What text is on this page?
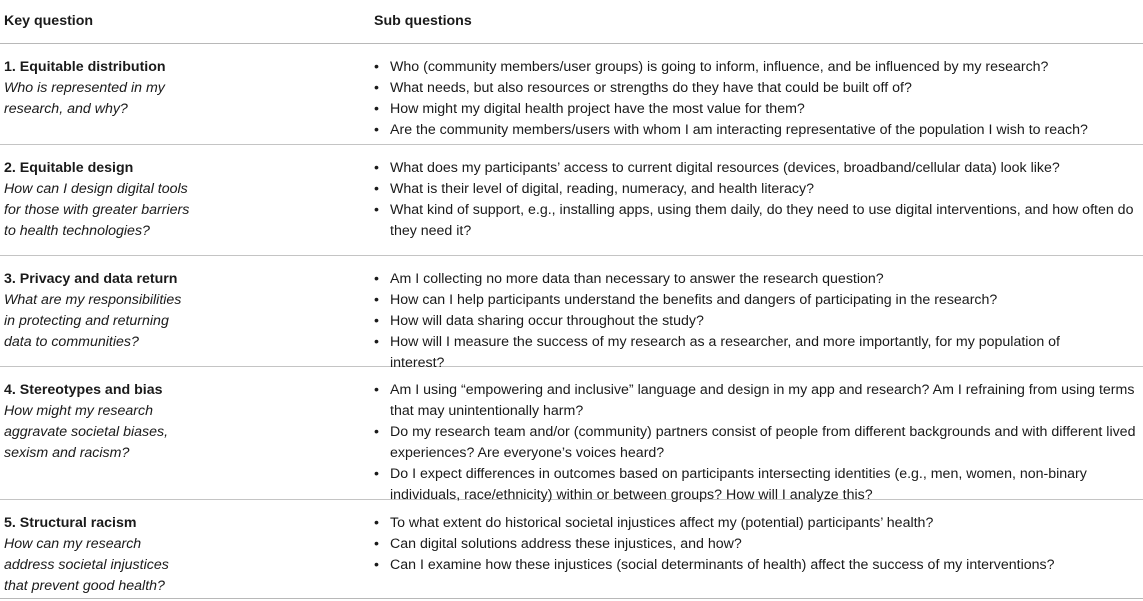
Key question	Sub questions
1. Equitable distribution
Who is represented in my research, and why?
• Who (community members/user groups) is going to inform, influence, and be influenced by my research?
• What needs, but also resources or strengths do they have that could be built off of?
• How might my digital health project have the most value for them?
• Are the community members/users with whom I am interacting representative of the population I wish to reach?
2. Equitable design
How can I design digital tools for those with greater barriers to health technologies?
• What does my participants’ access to current digital resources (devices, broadband/cellular data) look like?
• What is their level of digital, reading, numeracy, and health literacy?
• What kind of support, e.g., installing apps, using them daily, do they need to use digital interventions, and how often do they need it?
3. Privacy and data return
What are my responsibilities in protecting and returning data to communities?
• Am I collecting no more data than necessary to answer the research question?
• How can I help participants understand the benefits and dangers of participating in the research?
• How will data sharing occur throughout the study?
• How will I measure the success of my research as a researcher, and more importantly, for my population of interest?
4. Stereotypes and bias
How might my research aggravate societal biases, sexism and racism?
• Am I using “empowering and inclusive” language and design in my app and research? Am I refraining from using terms that may unintentionally harm?
• Do my research team and/or (community) partners consist of people from different backgrounds and with different lived experiences? Are everyone’s voices heard?
• Do I expect differences in outcomes based on participants intersecting identities (e.g., men, women, non-binary individuals, race/ethnicity) within or between groups? How will I analyze this?
5. Structural racism
How can my research address societal injustices that prevent good health?
• To what extent do historical societal injustices affect my (potential) participants’ health?
• Can digital solutions address these injustices, and how?
• Can I examine how these injustices (social determinants of health) affect the success of my interventions?
